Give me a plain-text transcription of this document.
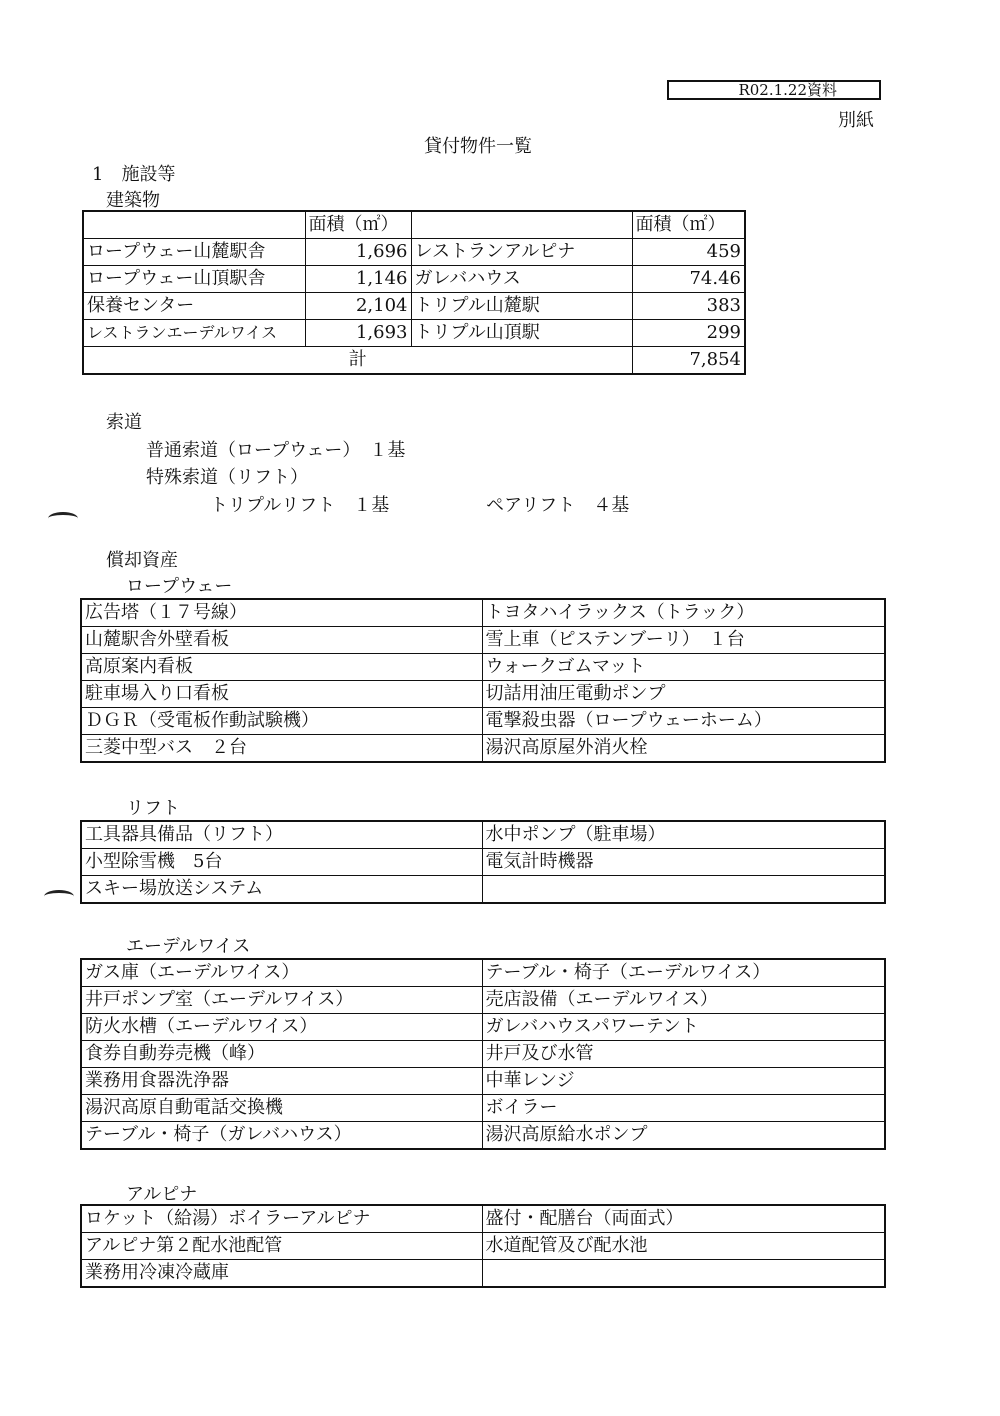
R02.1.22資料
別紙
貸付物件一覧
1　施設等
建築物
	面積（㎡）		面積（㎡）
ロープウェー山麓駅舎	1,696	レストランアルピナ	459
ロープウェー山頂駅舎	1,146	ガレバハウス	74.46
保養センター	2,104	トリプル山麓駅	383
レストランエーデルワイス	1,693	トリプル山頂駅	299
計			7,854
索道
普通索道（ロープウェー）　１基
特殊索道（リフト）
トリプルリフト　１基	ペアリフト　４基
償却資産
ロープウェー
広告塔（１７号線）	トヨタハイラックス（トラック）
山麓駅舎外壁看板	雪上車（ピステンブーリ）　１台
高原案内看板	ウォークゴムマット
駐車場入り口看板	切詰用油圧電動ポンプ
ＤＧＲ（受電板作動試験機）	電撃殺虫器（ロープウェーホーム）
三菱中型バス　２台	湯沢高原屋外消火栓
リフト
工具器具備品（リフト）	水中ポンプ（駐車場）
小型除雪機　5台	電気計時機器
スキー場放送システム	
エーデルワイス
ガス庫（エーデルワイス）	テーブル・椅子（エーデルワイス）
井戸ポンプ室（エーデルワイス）	売店設備（エーデルワイス）
防火水槽（エーデルワイス）	ガレバハウスパワーテント
食券自動券売機（峰）	井戸及び水管
業務用食器洗浄器	中華レンジ
湯沢高原自動電話交換機	ボイラー
テーブル・椅子（ガレバハウス）	湯沢高原給水ポンプ
アルピナ
ロケット（給湯）ボイラーアルピナ	盛付・配膳台（両面式）
アルピナ第２配水池配管	水道配管及び配水池
業務用冷凍冷蔵庫	
